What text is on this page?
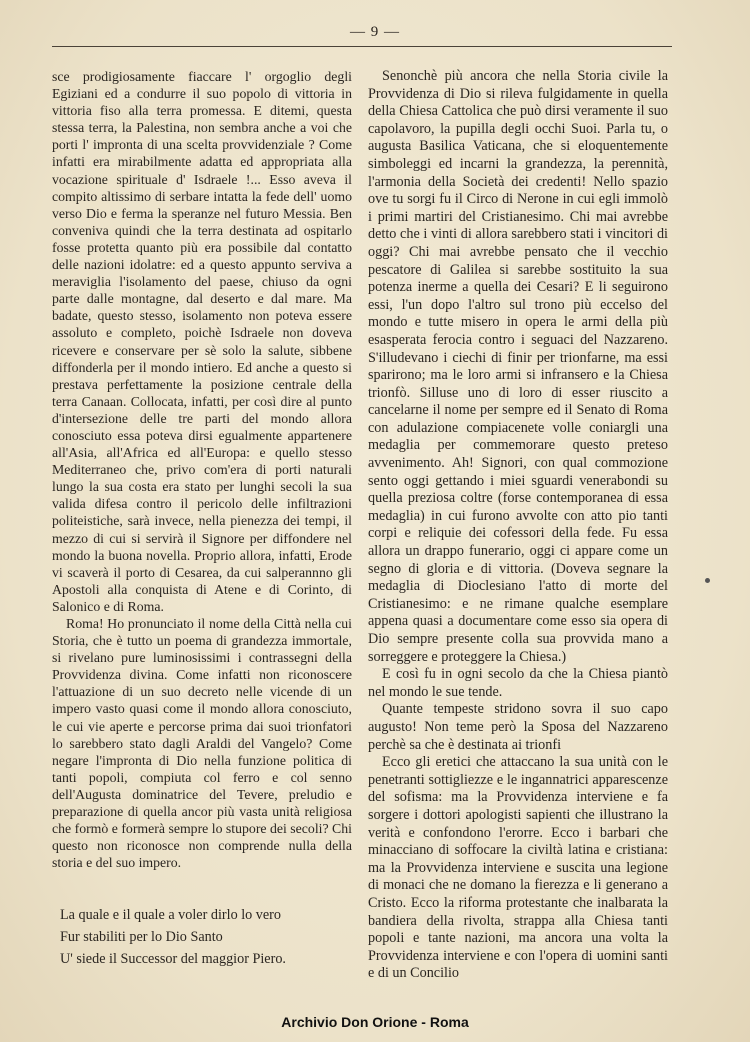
— 9 —

sce prodigiosamente fiaccare l' orgoglio degli Egiziani ed a condurre il suo popolo di vittoria in vittoria fiso alla terra promessa. E ditemi, questa stessa terra, la Palestina, non sembra anche a voi che porti l' impronta di una scelta provvidenziale ? Come infatti era mirabilmente adatta ed appropriata alla vocazione spirituale d' Isdraele !... Esso aveva il compito altissimo di serbare intatta la fede dell' uomo verso Dio e ferma la speranze nel futuro Messia. Ben conveniva quindi che la terra destinata ad ospitarlo fosse protetta quanto più era possibile dal contatto delle nazioni idolatre: ed a questo appunto serviva a meraviglia l'isolamento del paese, chiuso da ogni parte dalle montagne, dal deserto e dal mare. Ma badate, questo stesso, isolamento non poteva essere assoluto e completo, poichè Isdraele non doveva ricevere e conservare per sè solo la salute, sibbene diffonderla per il mondo intiero. Ed anche a questo si prestava perfettamente la posizione centrale della terra Canaan. Collocata, infatti, per così dire al punto d'intersezione delle tre parti del mondo allora conosciuto essa poteva dirsi egualmente appartenere all'Asia, all'Africa ed all'Europa: e quello stesso Mediterraneo che, privo com'era di porti naturali lungo la sua costa era stato per lunghi secoli la sua valida difesa contro il pericolo delle infiltrazioni politeistiche, sarà invece, nella pienezza dei tempi, il mezzo di cui si servirà il Signore per diffondere nel mondo la buona novella. Proprio allora, infatti, Erode vi scaverà il porto di Cesarea, da cui salperannno gli Apostoli alla conquista di Atene e di Corinto, di Salonico e di Roma.

Roma! Ho pronunciato il nome della Città nella cui Storia, che è tutto un poema di grandezza immortale, si rivelano pure luminosissimi i contrassegni della Provvidenza divina. Come infatti non riconoscere l'attuazione di un suo decreto nelle vicende di un impero vasto quasi come il mondo allora conosciuto, le cui vie aperte e percorse prima dai suoi trionfatori lo sarebbero stato dagli Araldi del Vangelo? Come negare l'impronta di Dio nella funzione politica di tanti popoli, compiuta col ferro e col senno dell'Augusta dominatrice del Tevere, preludio e preparazione di quella ancor più vasta unità religiosa che formò e formerà sempre lo stupore dei secoli? Chi questo non riconosce non comprende nulla della storia e del suo impero.

La quale e il quale a voler dirlo lo vero
Fur stabiliti per lo Dio Santo
U' siede il Successor del maggior Piero.

Senonchè più ancora che nella Storia civile la Provvidenza di Dio si rileva fulgidamente in quella della Chiesa Cattolica che può dirsi veramente il suo capolavoro, la pupilla degli occhi Suoi. Parla tu, o augusta Basilica Vaticana, che si eloquentemente simboleggi ed incarni la grandezza, la perennità, l'armonia della Società dei credenti! Nello spazio ove tu sorgi fu il Circo di Nerone in cui egli immolò i primi martiri del Cristianesimo. Chi mai avrebbe detto che i vinti di allora sarebbero stati i vincitori di oggi? Chi mai avrebbe pensato che il vecchio pescatore di Galilea si sarebbe sostituito la sua potenza inerme a quella dei Cesari? E li seguirono essi, l'un dopo l'altro sul trono più eccelso del mondo e tutte misero in opera le armi della più esasperata ferocia contro i seguaci del Nazzareno. S'illudevano i ciechi di finir per trionfarne, ma essi sparirono; ma le loro armi si infransero e la Chiesa trionfò. Silluse uno di loro di esser riuscito a cancelarne il nome per sempre ed il Senato di Roma con adulazione compiacenete volle coniargli una medaglia per commemorare questo preteso avvenimento. Ah! Signori, con qual commozione sento oggi gettando i miei sguardi venerabondi su quella preziosa coltre (forse contemporanea di essa medaglia) in cui furono avvolte con atto pio tanti corpi e reliquie dei cofessori della fede. Fu essa allora un drappo funerario, oggi ci appare come un segno di gloria e di vittoria. (Doveva segnare la medaglia di Dioclesiano l'atto di morte del Cristianesimo: e ne rimane qualche esemplare appena quasi a documentare come esso sia opera di Dio sempre presente colla sua provvida mano a sorreggere e proteggere la Chiesa.)

E così fu in ogni secolo da che la Chiesa piantò nel mondo le sue tende.

Quante tempeste stridono sovra il suo capo augusto! Non teme però la Sposa del Nazzareno perchè sa che è destinata ai trionfi

Ecco gli eretici che attaccano la sua unità con le penetranti sottigliezze e le ingannatrici apparescenze del sofisma: ma la Provvidenza interviene e fa sorgere i dottori apologisti sapienti che illustrano la verità e confondono l'erorre. Ecco i barbari che minacciano di soffocare la civiltà latina e cristiana: ma la Provvidenza interviene e suscita una legione di monaci che ne domano la fierezza e li generano a Cristo. Ecco la riforma protestante che inalbarata la bandiera della rivolta, strappa alla Chiesa tanti popoli e tante nazioni, ma ancora una volta la Provvidenza interviene e con l'opera di uomini santi e di un Concilio

Archivio Don Orione - Roma
